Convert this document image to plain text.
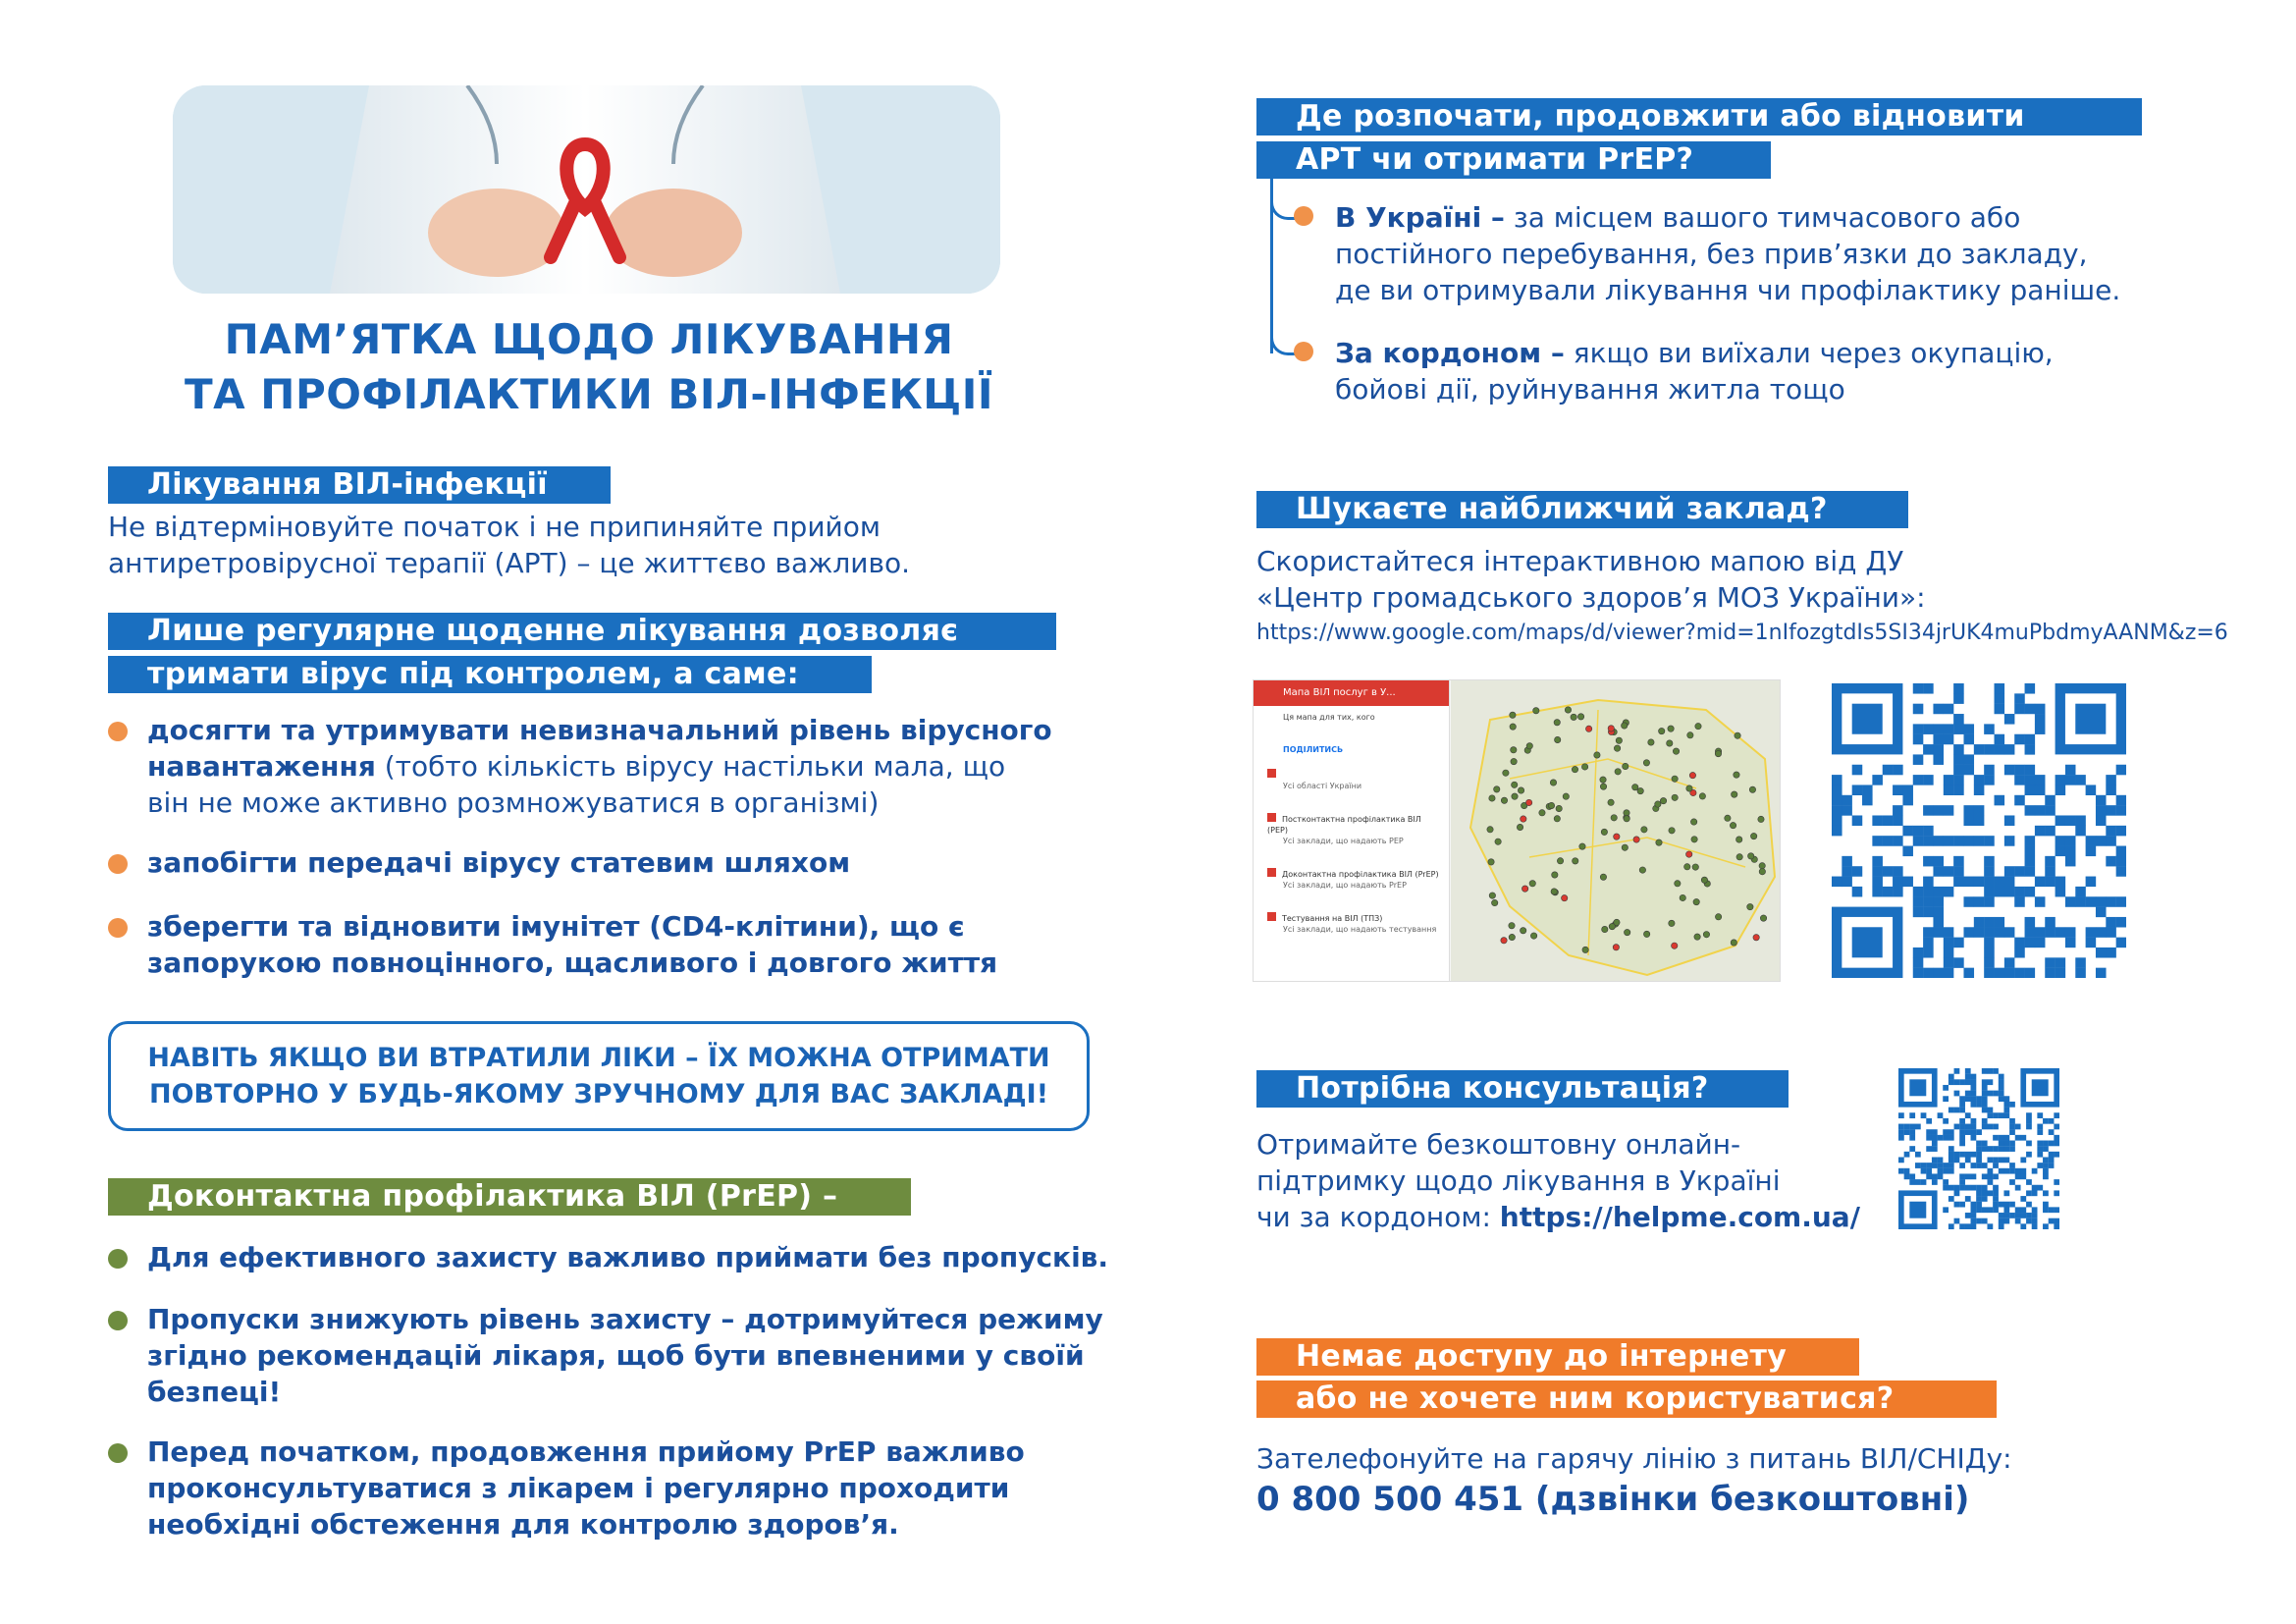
ПАМ’ЯТКА ЩОДО ЛІКУВАННЯ
ТА ПРОФІЛАКТИКИ ВІЛ-ІНФЕКЦІЇ
Лікування ВІЛ-інфекції
Не відтерміновуйте початок і не припиняйте прийом
антиретровірусної терапії (АРТ) – це життєво важливо.
Лише регулярне щоденне лікування дозволяє
тримати вірус під контролем, а саме:
досягти та утримувати невизначальний рівень вірусного
навантаження (тобто кількість вірусу настільки мала, що
він не може активно розмножуватися в організмі)
запобігти передачі вірусу статевим шляхом
зберегти та відновити імунітет (CD4-клітини), що є
запорукою повноцінного, щасливого і довгого життя
НАВІТЬ ЯКЩО ВИ ВТРАТИЛИ ЛІКИ – ЇХ МОЖНА ОТРИМАТИ
ПОВТОРНО У БУДЬ-ЯКОМУ ЗРУЧНОМУ ДЛЯ ВАС ЗАКЛАДІ!
Доконтактна профілактика ВІЛ (PrEP) –
Для ефективного захисту важливо приймати без пропусків.
Пропуски знижують рівень захисту – дотримуйтеся режиму
згідно рекомендацій лікаря, щоб бути впевненими у своїй
безпеці!
Перед початком, продовження прийому PrEP важливо
проконсультуватися з лікарем і регулярно проходити
необхідні обстеження для контролю здоров’я.
Де розпочати, продовжити або відновити
АРТ чи отримати PrEP?
В Україні – за місцем вашого тимчасового або
постійного перебування, без прив’язки до закладу,
де ви отримували лікування чи профілактику раніше.
За кордоном – якщо ви виїхали через окупацію,
бойові дії, руйнування житла тощо
Шукаєте найближчий заклад?
Скористайтеся інтерактивною мапою від ДУ
«Центр громадського здоров’я МОЗ України»:
https://www.google.com/maps/d/viewer?mid=1nIfozgtdIs5SI34jrUK4muPbdmyAANM&z=6
Мапа ВІЛ послуг в У...
Ця мапа для тих, кого
ПОДІЛИТИСЬ
Усі області України
Постконтактна профілактика ВІЛ (PEP)
Усі заклади, що надають PEP
Доконтактна профілактика ВІЛ (PrEP)
Усі заклади, що надають PrEP
Тестування на ВІЛ (ТПЗ)
Усі заклади, що надають тестування
Потрібна консультація?
Отримайте безкоштовну онлайн-
підтримку щодо лікування в Україні
чи за кордоном: https://helpme.com.ua/
Немає доступу до інтернету
або не хочете ним користуватися?
Зателефонуйте на гарячу лінію з питань ВІЛ/СНІДу:
0 800 500 451 (дзвінки безкоштовні)
